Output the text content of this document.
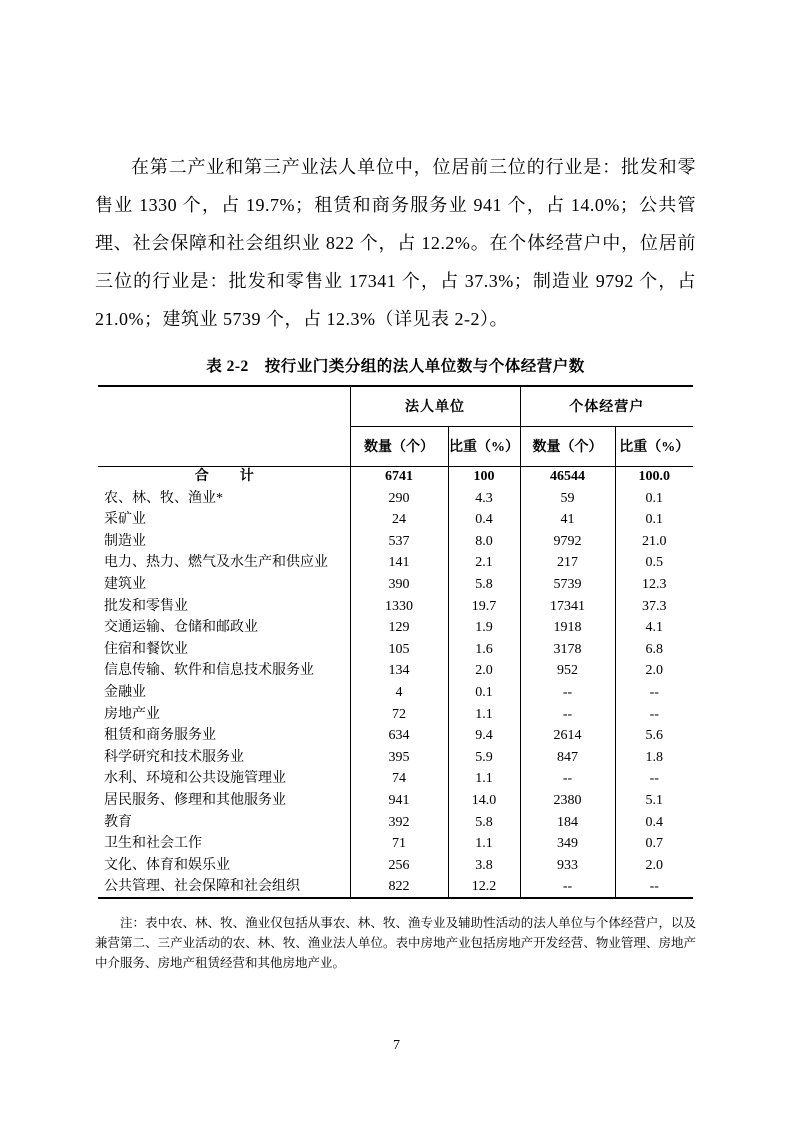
在第二产业和第三产业法人单位中，位居前三位的行业是：批发和零售业 1330 个，占 19.7%；租赁和商务服务业 941 个，占 14.0%；公共管理、社会保障和社会组织业 822 个，占 12.2%。在个体经营户中，位居前三位的行业是：批发和零售业 17341 个，占 37.3%；制造业 9792 个，占 21.0%；建筑业 5739 个，占 12.3%（详见表 2-2）。

表 2-2　按行业门类分组的法人单位数与个体经营户数
	法人单位		个体经营户	
	数量（个）	比重（%）	数量（个）	比重（%）
合　　计	6741	100	46544	100.0
农、林、牧、渔业*	290	4.3	59	0.1
采矿业	24	0.4	41	0.1
制造业	537	8.0	9792	21.0
电力、热力、燃气及水生产和供应业	141	2.1	217	0.5
建筑业	390	5.8	5739	12.3
批发和零售业	1330	19.7	17341	37.3
交通运输、仓储和邮政业	129	1.9	1918	4.1
住宿和餐饮业	105	1.6	3178	6.8
信息传输、软件和信息技术服务业	134	2.0	952	2.0
金融业	4	0.1	--	--
房地产业	72	1.1	--	--
租赁和商务服务业	634	9.4	2614	5.6
科学研究和技术服务业	395	5.9	847	1.8
水利、环境和公共设施管理业	74	1.1	--	--
居民服务、修理和其他服务业	941	14.0	2380	5.1
教育	392	5.8	184	0.4
卫生和社会工作	71	1.1	349	0.7
文化、体育和娱乐业	256	3.8	933	2.0
公共管理、社会保障和社会组织	822	12.2	--	--

注：表中农、林、牧、渔业仅包括从事农、林、牧、渔专业及辅助性活动的法人单位与个体经营户，以及兼营第二、三产业活动的农、林、牧、渔业法人单位。表中房地产业包括房地产开发经营、物业管理、房地产中介服务、房地产租赁经营和其他房地产业。

7
